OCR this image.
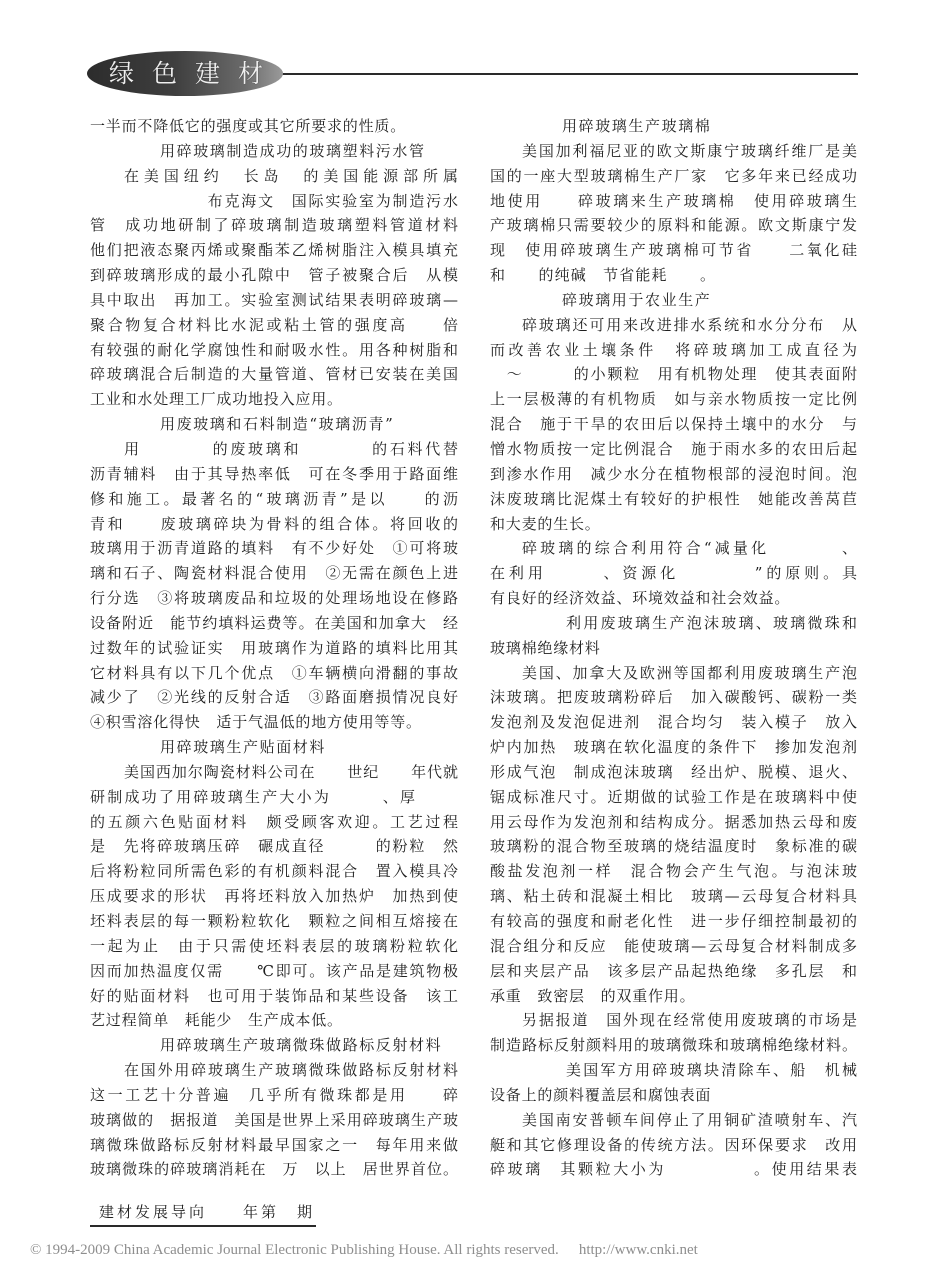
绿色建材
一半而不降低它的强度或其它所要求的性质。
用碎玻璃制造成功的玻璃塑料污水管
在美国纽约　长岛　的美国能源部所属
　　　　　　　布克海文　国际实验室为制造污水
管　成功地研制了碎玻璃制造玻璃塑料管道材料
他们把液态聚丙烯或聚酯苯乙烯树脂注入模具填充
到碎玻璃形成的最小孔隙中　管子被聚合后　从模
具中取出　再加工。实验室测试结果表明碎玻璃—
聚合物复合材料比水泥或粘土管的强度高　　倍
有较强的耐化学腐蚀性和耐吸水性。用各种树脂和
碎玻璃混合后制造的大量管道、管材已安装在美国
工业和水处理工厂成功地投入应用。
用废玻璃和石料制造“玻璃沥青”
用　　　　的废玻璃和　　　　的石料代替
沥青辅料　由于其导热率低　可在冬季用于路面维
修和施工。最著名的“玻璃沥青”是以　　的沥
青和　　废玻璃碎块为骨料的组合体。将回收的
玻璃用于沥青道路的填料　有不少好处　①可将玻
璃和石子、陶瓷材料混合使用　②无需在颜色上进
行分选　③将玻璃废品和垃圾的处理场地设在修路
设备附近　能节约填料运费等。在美国和加拿大　经
过数年的试验证实　用玻璃作为道路的填料比用其
它材料具有以下几个优点　①车辆横向滑翻的事故
减少了　②光线的反射合适　③路面磨损情况良好
④积雪溶化得快　适于气温低的地方使用等等。
用碎玻璃生产贴面材料
美国西加尔陶瓷材料公司在　　世纪　　年代就
研制成功了用碎玻璃生产大小为　　　、厚
的五颜六色贴面材料　颇受顾客欢迎。工艺过程
是　先将碎玻璃压碎　碾成直径　　　的粉粒　然
后将粉粒同所需色彩的有机颜料混合　置入模具冷
压成要求的形状　再将坯料放入加热炉　加热到使
坯料表层的每一颗粉粒软化　颗粒之间相互熔接在
一起为止　由于只需使坯料表层的玻璃粉粒软化
因而加热温度仅需　　℃即可。该产品是建筑物极
好的贴面材料　也可用于装饰品和某些设备　该工
艺过程简单　耗能少　生产成本低。
用碎玻璃生产玻璃微珠做路标反射材料
在国外用碎玻璃生产玻璃微珠做路标反射材料
这一工艺十分普遍　几乎所有微珠都是用　　碎
玻璃做的　据报道　美国是世界上采用碎玻璃生产玻
璃微珠做路标反射材料最早国家之一　每年用来做
玻璃微珠的碎玻璃消耗在　万　以上　居世界首位。
用碎玻璃生产玻璃棉
美国加利福尼亚的欧文斯康宁玻璃纤维厂是美
国的一座大型玻璃棉生产厂家　它多年来已经成功
地使用　　碎玻璃来生产玻璃棉　使用碎玻璃生
产玻璃棉只需要较少的原料和能源。欧文斯康宁发
现　使用碎玻璃生产玻璃棉可节省　　二氧化硅
和　　的纯碱　节省能耗　　。
碎玻璃用于农业生产
碎玻璃还可用来改进排水系统和水分分布　从
而改善农业土壤条件　将碎玻璃加工成直径为
　～　　　的小颗粒　用有机物处理　使其表面附
上一层极薄的有机物质　如与亲水物质按一定比例
混合　施于干旱的农田后以保持土壤中的水分　与
憎水物质按一定比例混合　施于雨水多的农田后起
到渗水作用　减少水分在植物根部的浸泡时间。泡
沫废玻璃比泥煤土有较好的护根性　她能改善莴苣
和大麦的生长。
碎玻璃的综合利用符合“减量化　　　　、
在利用　　　、资源化　　　　”的原则。具
有良好的经济效益、环境效益和社会效益。
利用废玻璃生产泡沫玻璃、玻璃微珠和
玻璃棉绝缘材料
美国、加拿大及欧洲等国都利用废玻璃生产泡
沫玻璃。把废玻璃粉碎后　加入碳酸钙、碳粉一类
发泡剂及发泡促进剂　混合均匀　装入模子　放入
炉内加热　玻璃在软化温度的条件下　掺加发泡剂
形成气泡　制成泡沫玻璃　经出炉、脱模、退火、
锯成标准尺寸。近期做的试验工作是在玻璃料中使
用云母作为发泡剂和结构成分。据悉加热云母和废
玻璃粉的混合物至玻璃的烧结温度时　象标准的碳
酸盐发泡剂一样　混合物会产生气泡。与泡沫玻
璃、粘土砖和混凝土相比　玻璃—云母复合材料具
有较高的强度和耐老化性　进一步仔细控制最初的
混合组分和反应　能使玻璃—云母复合材料制成多
层和夹层产品　该多层产品起热绝缘　多孔层　和
承重　致密层　的双重作用。
另据报道　国外现在经常使用废玻璃的市场是
制造路标反射颜料用的玻璃微珠和玻璃棉绝缘材料。
美国军方用碎玻璃块清除车、船　机械
设备上的颜料覆盖层和腐蚀表面
美国南安普顿车间停止了用铜矿渣喷射车、汽
艇和其它修理设备的传统方法。因环保要求　改用
碎玻璃　其颗粒大小为　　　　　。使用结果表
建材发展导向　　年第　期
© 1994-2009 China Academic Journal Electronic Publishing House. All rights reserved. http://www.cnki.net
